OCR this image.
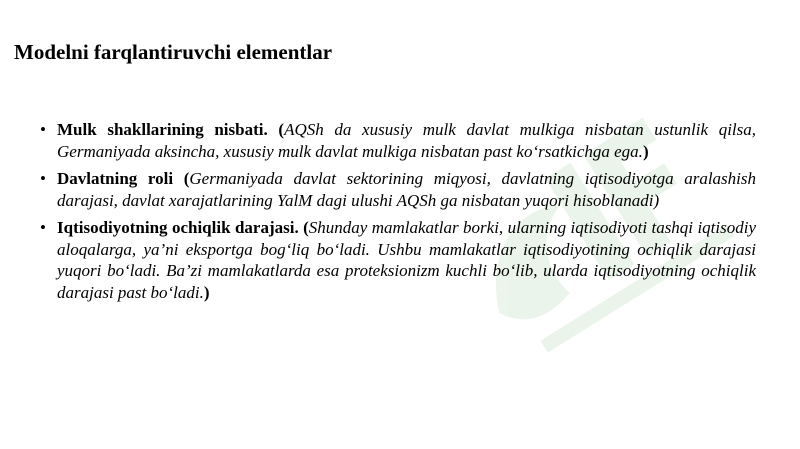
Modelni farqlantiruvchi elementlar
• Mulk shakllarining nisbati. (AQSh da xususiy mulk davlat mulkiga nisbatan ustunlik qilsa, Germaniyada aksincha, xususiy mulk davlat mulkiga nisbatan past ko‘rsatkichga ega.)
• Davlatning roli (Germaniyada davlat sektorining miqyosi, davlatning iqtisodiyotga aralashish darajasi, davlat xarajatlarining YalM dagi ulushi AQSh ga nisbatan yuqori hisoblanadi)
• Iqtisodiyotning ochiqlik darajasi. (Shunday mamlakatlar borki, ularning iqtisodiyoti tashqi iqtisodiy aloqalarga, ya’ni eksportga bog‘liq bo‘ladi. Ushbu mamlakatlar iqtisodiyotining ochiqlik darajasi yuqori bo‘ladi. Ba’zi mamlakatlarda esa proteksionizm kuchli bo‘lib, ularda iqtisodiyotning ochiqlik darajasi past bo‘ladi.)
